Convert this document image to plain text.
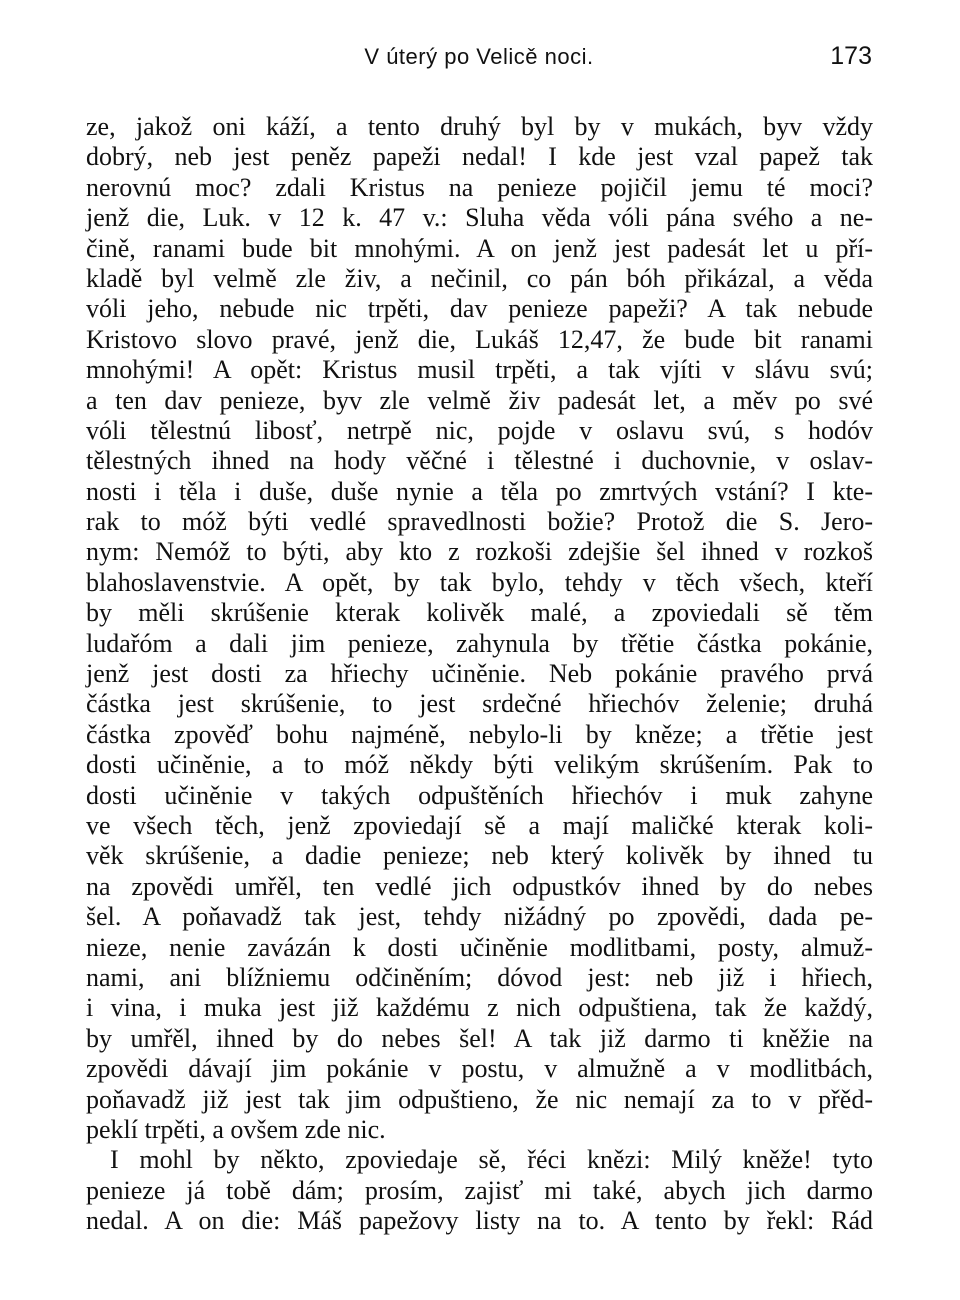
V úterý po Velicě noci.	173
ze, jakož oni káží, a tento druhý byl by v mukách, byv vždy
dobrý, neb jest peněz papeži nedal! I kde jest vzal papež tak
nerovnú moc? zdali Kristus na penieze pojičil jemu té moci?
jenž die, Luk. v 12 k. 47 v.: Sluha věda vóli pána svého a ne-
čině, ranami bude bit mnohými. A on jenž jest padesát let u pří-
kladě byl velmě zle živ, a nečinil, co pán bóh přikázal, a věda
vóli jeho, nebude nic trpěti, dav penieze papeži? A tak nebude
Kristovo slovo pravé, jenž die, Lukáš 12,47, že bude bit ranami
mnohými! A opět: Kristus musil trpěti, a tak vjíti v slávu svú;
a ten dav penieze, byv zle velmě živ padesát let, a měv po své
vóli tělestnú libosť, netrpě nic, pojde v oslavu svú, s hodóv
tělestných ihned na hody věčné i tělestné i duchovnie, v oslav-
nosti i těla i duše, duše nynie a těla po zmrtvých vstání? I kte-
rak to móž býti vedlé spravedlnosti božie? Protož die S. Jero-
nym: Nemóž to býti, aby kto z rozkoši zdejšie šel ihned v rozkoš
blahoslavenstvie. A opět, by tak bylo, tehdy v těch všech, kteří
by měli skrúšenie kterak kolivěk malé, a zpoviedali sě těm
ludařóm a dali jim penieze, zahynula by třětie částka pokánie,
jenž jest dosti za hřiechy učiněnie. Neb pokánie pravého prvá
částka jest skrúšenie, to jest srdečné hřiechóv želenie; druhá
částka zpověď bohu najméně, nebylo-li by kněze; a třětie jest
dosti učiněnie, a to móž někdy býti velikým skrúšením. Pak to
dosti učiněnie v takých odpuštěních hřiechóv i muk zahyne
ve všech těch, jenž zpoviedají sě a mají maličké kterak koli-
věk skrúšenie, a dadie penieze; neb který kolivěk by ihned tu
na zpovědi umřěl, ten vedlé jich odpustkóv ihned by do nebes
šel. A poňavadž tak jest, tehdy nižádný po zpovědi, dada pe-
nieze, nenie zavázán k dosti učiněnie modlitbami, posty, almuž-
nami, ani blížniemu odčiněním; dóvod jest: neb již i hřiech,
i vina, i muka jest již každému z nich odpuštiena, tak že každý,
by umřěl, ihned by do nebes šel! A tak již darmo ti kněžie na
zpovědi dávají jim pokánie v postu, v almužně a v modlitbách,
poňavadž již jest tak jim odpuštieno, že nic nemají za to v přěd-
peklí trpěti, a ovšem zde nic.
I mohl by někto, zpoviedaje sě, řéci knězi: Milý kněže! tyto
penieze já tobě dám; prosím, zajisť mi také, abych jich darmo
nedal. A on die: Máš papežovy listy na to. A tento by řekl: Rád
